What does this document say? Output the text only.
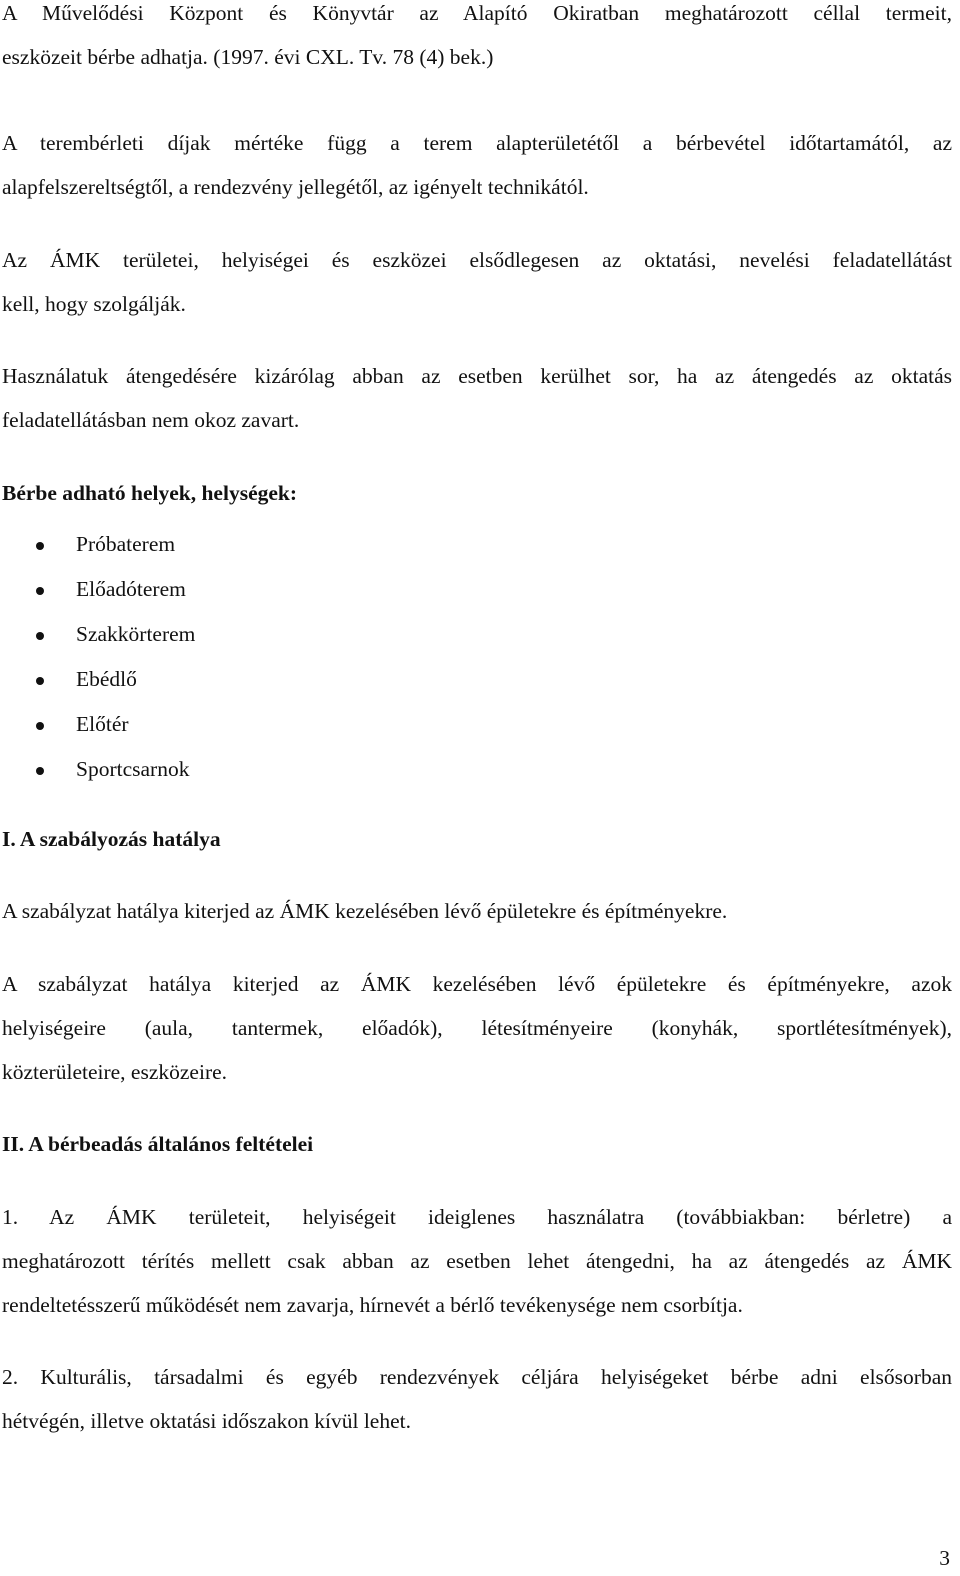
A Művelődési Központ és Könyvtár az Alapító Okiratban meghatározott céllal termeit,

eszközeit bérbe adhatja. (1997. évi CXL. Tv. 78 (4) bek.)

A terembérleti díjak mértéke függ a terem alapterületétől a bérbevétel időtartamától, az

alapfelszereltségtől, a rendezvény jellegétől, az igényelt technikától.

Az ÁMK területei, helyiségei és eszközei elsődlegesen az oktatási, nevelési feladatellátást

kell, hogy szolgálják.

Használatuk átengedésére kizárólag abban az esetben kerülhet sor, ha az átengedés az oktatás

feladatellátásban nem okoz zavart.

Bérbe adható helyek, helységek:

Próbaterem
Előadóterem
Szakkörterem
Ebédlő
Előtér
Sportcsarnok

I. A szabályozás hatálya

A szabályzat hatálya kiterjed az ÁMK kezelésében lévő épületekre és építményekre.

A szabályzat hatálya kiterjed az ÁMK kezelésében lévő épületekre és építményekre, azok

helyiségeire (aula, tantermek, előadók), létesítményeire (konyhák, sportlétesítmények),

közterületeire, eszközeire.

II. A bérbeadás általános feltételei

1. Az ÁMK területeit, helyiségeit ideiglenes használatra (továbbiakban: bérletre) a

meghatározott térítés mellett csak abban az esetben lehet átengedni, ha az átengedés az ÁMK

rendeltetésszerű működését nem zavarja, hírnevét a bérlő tevékenysége nem csorbítja.

2. Kulturális, társadalmi és egyéb rendezvények céljára helyiségeket bérbe adni elsősorban

hétvégén, illetve oktatási időszakon kívül lehet.

3
